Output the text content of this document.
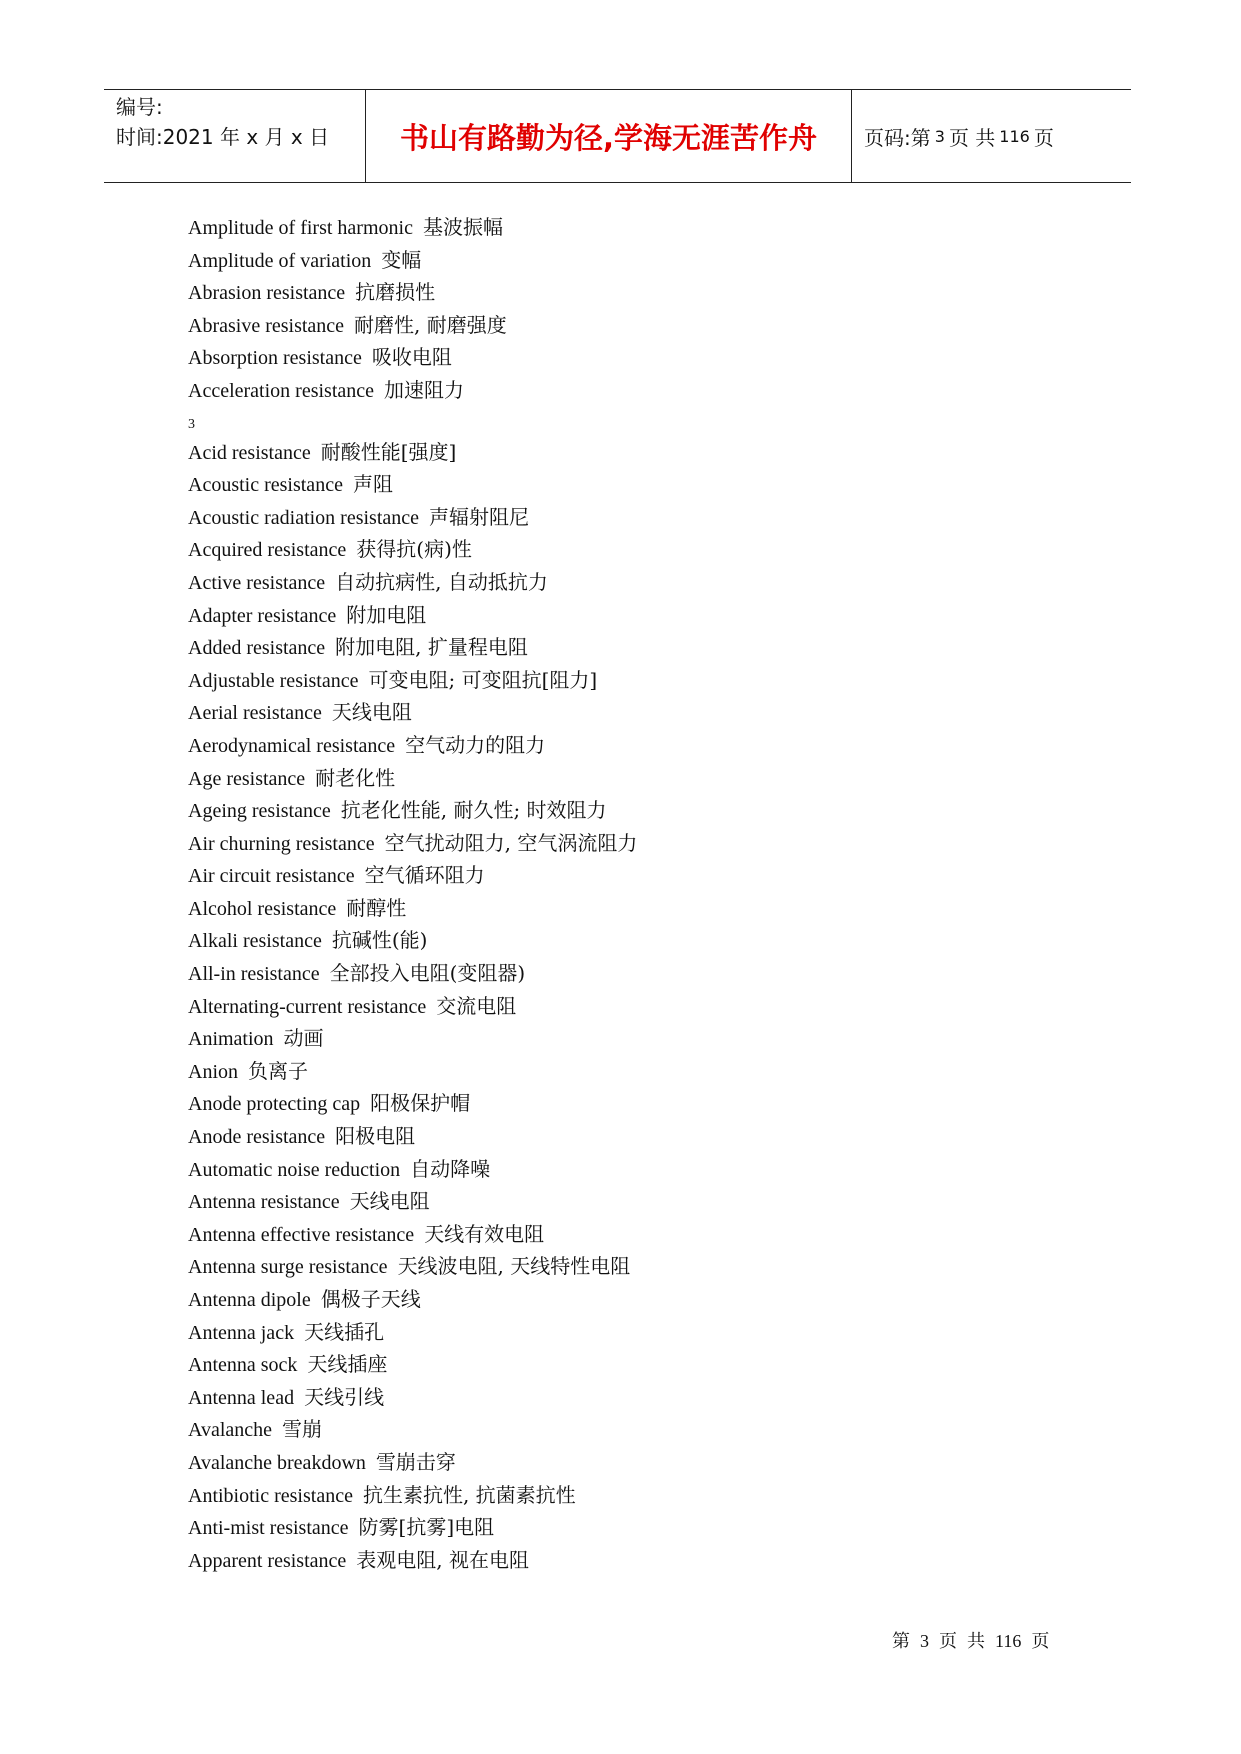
编号:
时间:2021 年 x 月 x 日	书山有路勤为径,学海无涯苦作舟	页码:第 3 页 共 116 页
Amplitude of first harmonic 基波振幅
Amplitude of variation 变幅
Abrasion resistance 抗磨损性
Abrasive resistance 耐磨性, 耐磨强度
Absorption resistance 吸收电阻
Acceleration resistance 加速阻力
3
Acid resistance 耐酸性能[强度]
Acoustic resistance 声阻
Acoustic radiation resistance 声辐射阻尼
Acquired resistance 获得抗(病)性
Active resistance 自动抗病性, 自动抵抗力
Adapter resistance 附加电阻
Added resistance 附加电阻, 扩量程电阻
Adjustable resistance 可变电阻; 可变阻抗[阻力]
Aerial resistance 天线电阻
Aerodynamical resistance 空气动力的阻力
Age resistance 耐老化性
Ageing resistance 抗老化性能, 耐久性; 时效阻力
Air churning resistance 空气扰动阻力, 空气涡流阻力
Air circuit resistance 空气循环阻力
Alcohol resistance 耐醇性
Alkali resistance 抗碱性(能)
All-in resistance 全部投入电阻(变阻器)
Alternating-current resistance 交流电阻
Animation 动画
Anion 负离子
Anode protecting cap 阳极保护帽
Anode resistance 阳极电阻
Automatic noise reduction 自动降噪
Antenna resistance 天线电阻
Antenna effective resistance 天线有效电阻
Antenna surge resistance 天线波电阻, 天线特性电阻
Antenna dipole 偶极子天线
Antenna jack 天线插孔
Antenna sock 天线插座
Antenna lead 天线引线
Avalanche 雪崩
Avalanche breakdown 雪崩击穿
Antibiotic resistance 抗生素抗性, 抗菌素抗性
Anti-mist resistance 防雾[抗雾]电阻
Apparent resistance 表观电阻, 视在电阻
第 3 页 共 116 页
